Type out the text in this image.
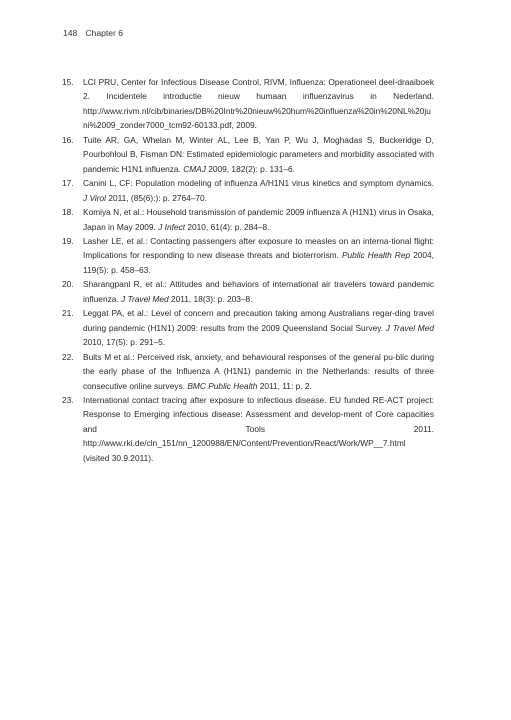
148 Chapter 6
15. LCI PRU, Center for Infectious Disease Control, RIVM, Influenza: Operationeel deel-draaiboek 2. Incidentele introductie nieuw humaan influenzavirus in Nederland. http://www.rivm.nl/cib/binaries/DB%20Intr%20nieuw%20hum%20influenza%20in%20NL%20juni%2009_zonder7000_tcm92-60133.pdf, 2009.
16. Tuite AR, GA, Whelan M, Winter AL, Lee B, Yan P, Wu J, Moghadas S, Buckeridge D, Pourbohloul B, Fisman DN: Estimated epidemiologic parameters and morbidity associated with pandemic H1N1 influenza. CMAJ 2009, 182(2): p. 131–6.
17. Canini L, CF: Population modeling of influenza A/H1N1 virus kinetics and symptom dynamics. J Virol 2011, (85(6):): p. 2764–70.
18. Komiya N, et al.: Household transmission of pandemic 2009 influenza A (H1N1) virus in Osaka, Japan in May 2009. J Infect 2010, 61(4): p. 284–8.
19. Lasher LE, et al.: Contacting passengers after exposure to measles on an interna-tional flight: Implications for responding to new disease threats and bioterrorism. Public Health Rep 2004, 119(5): p. 458–63.
20. Sharangpani R, et al.: Attitudes and behaviors of international air travelers toward pandemic influenza. J Travel Med 2011, 18(3): p. 203–8.
21. Leggat PA, et al.: Level of concern and precaution taking among Australians regar-ding travel during pandemic (H1N1) 2009: results from the 2009 Queensland Social Survey. J Travel Med 2010, 17(5): p. 291–5.
22. Bults M et al.: Perceived risk, anxiety, and behavioural responses of the general pu-blic during the early phase of the Influenza A (H1N1) pandemic in the Netherlands: results of three consecutive online surveys. BMC Public Health 2011, 11: p. 2.
23. International contact tracing after exposure to infectious disease. EU funded RE-ACT project: Response to Emerging infectious disease: Assessment and develop-ment of Core capacities and Tools 2011. http://www.rki.de/cln_151/nn_1200988/EN/Content/Prevention/React/Work/WP__7.html (visited 30.9.2011).
